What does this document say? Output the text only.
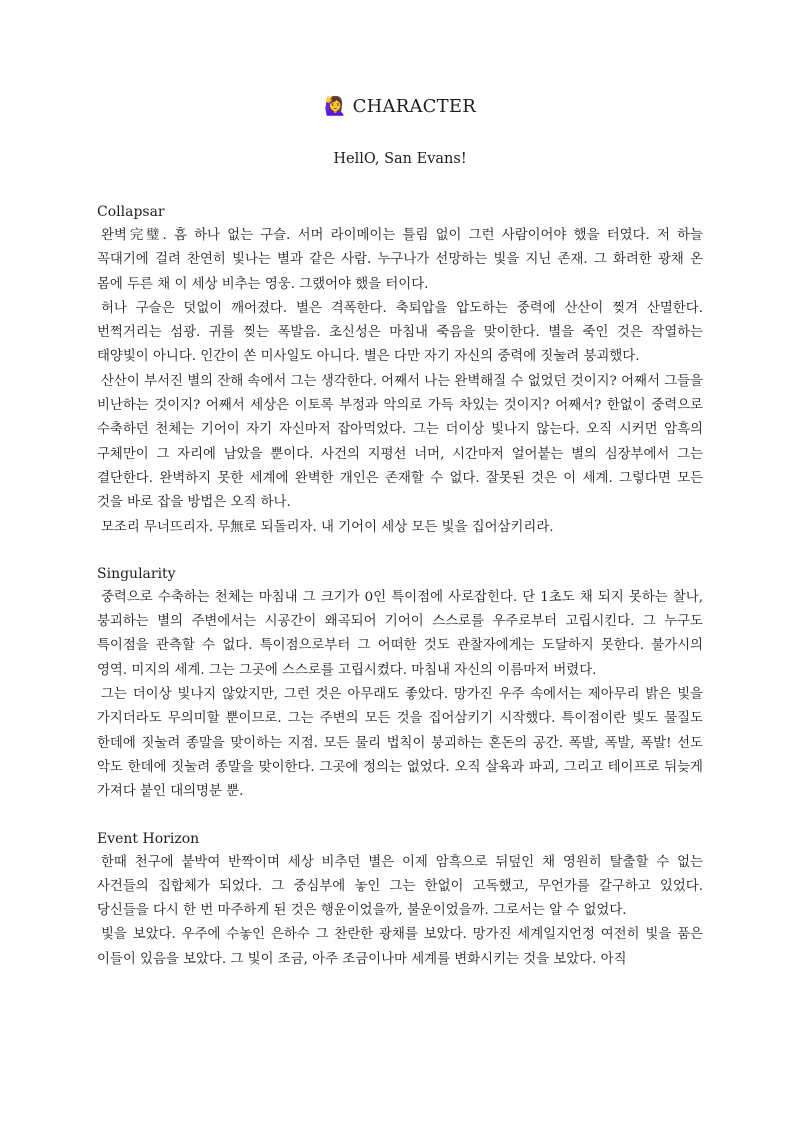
🙋‍♀️ CHARACTER
HellO, San Evans!
Collapsar

완벽完璧. 흠 하나 없는 구슬. 서머 라이메이는 틀림 없이 그런 사람이어야 했을 터였다. 저 하늘 꼭대기에 걸려 찬연히 빛나는 별과 같은 사람. 누구나가 선망하는 빛을 지닌 존재. 그 화려한 광채 온 몸에 두른 채 이 세상 비추는 영웅. 그랬어야 했을 터이다.

허나 구슬은 덧없이 깨어졌다. 별은 격폭한다. 축퇴압을 압도하는 중력에 산산이 찢겨 산멸한다. 번쩍거리는 섬광. 귀를 찢는 폭발음. 초신성은 마침내 죽음을 맞이한다. 별을 죽인 것은 작열하는 태양빛이 아니다. 인간이 쏜 미사일도 아니다. 별은 다만 자기 자신의 중력에 짓눌려 붕괴했다.

산산이 부서진 별의 잔해 속에서 그는 생각한다. 어째서 나는 완벽해질 수 없었던 것이지? 어째서 그들을 비난하는 것이지? 어째서 세상은 이토록 부정과 악의로 가득 차있는 것이지? 어째서? 한없이 중력으로 수축하던 천체는 기어이 자기 자신마저 잡아먹었다. 그는 더이상 빛나지 않는다. 오직 시커먼 암흑의 구체만이 그 자리에 남았을 뿐이다. 사건의 지평선 너머, 시간마저 얼어붙는 별의 심장부에서 그는 결단한다. 완벽하지 못한 세계에 완벽한 개인은 존재할 수 없다. 잘못된 것은 이 세계. 그렇다면 모든 것을 바로 잡을 방법은 오직 하나.

모조리 무너뜨리자. 무無로 되돌리자. 내 기어이 세상 모든 빛을 집어삼키리라.

Singularity

중력으로 수축하는 천체는 마침내 그 크기가 0인 특이점에 사로잡힌다. 단 1초도 채 되지 못하는 찰나, 붕괴하는 별의 주변에서는 시공간이 왜곡되어 기어이 스스로를 우주로부터 고립시킨다. 그 누구도 특이점을 관측할 수 없다. 특이점으로부터 그 어떠한 것도 관찰자에게는 도달하지 못한다. 불가시의 영역. 미지의 세계. 그는 그곳에 스스로를 고립시켰다. 마침내 자신의 이름마저 버렸다.

그는 더이상 빛나지 않았지만, 그런 것은 아무래도 좋았다. 망가진 우주 속에서는 제아무리 밝은 빛을 가지더라도 무의미할 뿐이므로. 그는 주변의 모든 것을 집어삼키기 시작했다. 특이점이란 빛도 물질도 한데에 짓눌려 종말을 맞이하는 지점. 모든 물리 법칙이 붕괴하는 혼돈의 공간. 폭발, 폭발, 폭발! 선도 악도 한데에 짓눌려 종말을 맞이한다. 그곳에 정의는 없었다. 오직 살육과 파괴, 그리고 테이프로 뒤늦게 가져다 붙인 대의명분 뿐.

Event Horizon

한때 천구에 붙박여 반짝이며 세상 비추던 별은 이제 암흑으로 뒤덮인 채 영원히 탈출할 수 없는 사건들의 집합체가 되었다. 그 중심부에 놓인 그는 한없이 고독했고, 무언가를 갈구하고 있었다. 당신들을 다시 한 번 마주하게 된 것은 행운이었을까, 불운이었을까. 그로서는 알 수 없었다.

빛을 보았다. 우주에 수놓인 은하수 그 찬란한 광채를 보았다. 망가진 세계일지언정 여전히 빛을 품은 이들이 있음을 보았다. 그 빛이 조금, 아주 조금이나마 세계를 변화시키는 것을 보았다. 아직
